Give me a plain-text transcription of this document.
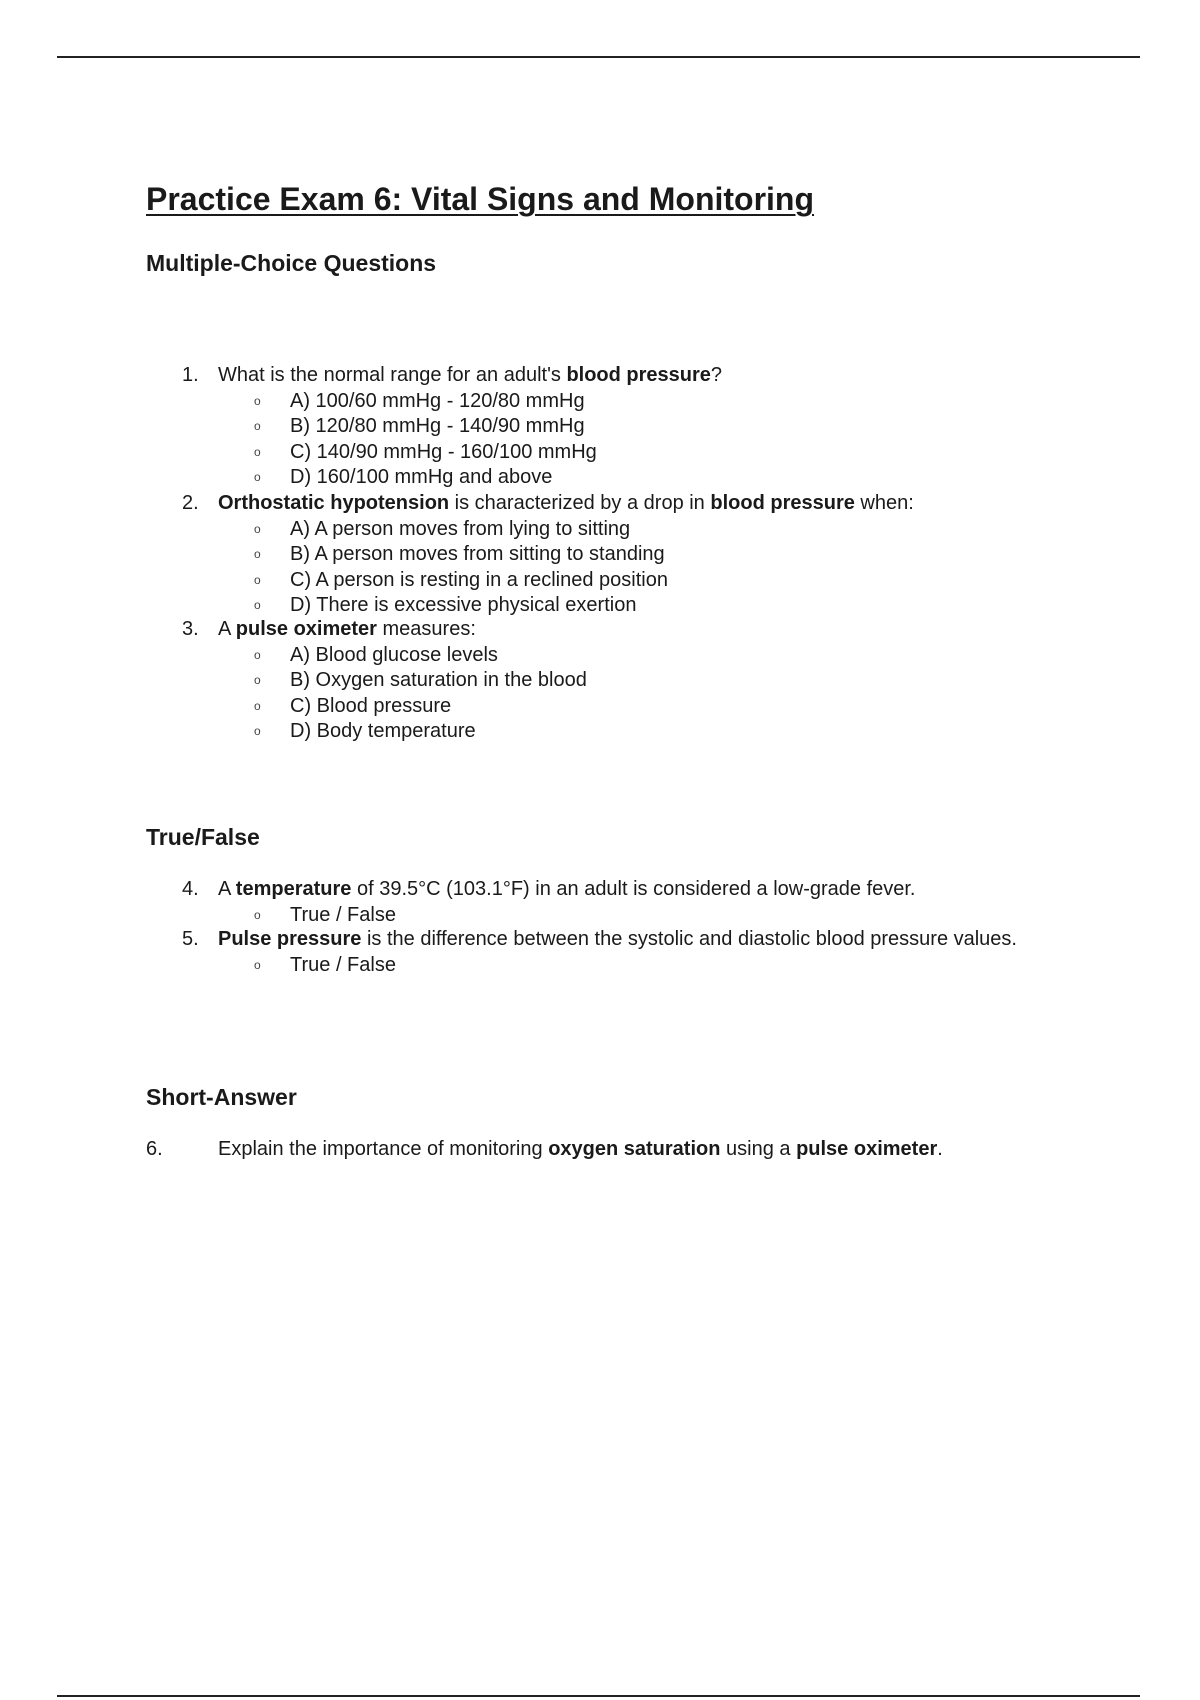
Practice Exam 6: Vital Signs and Monitoring
Multiple-Choice Questions
True/False
Short-Answer
1. What is the normal range for an adult's blood pressure?
o A) 100/60 mmHg - 120/80 mmHg
o B) 120/80 mmHg - 140/90 mmHg
o C) 140/90 mmHg - 160/100 mmHg
o D) 160/100 mmHg and above
2. Orthostatic hypotension is characterized by a drop in blood pressure when:
o A) A person moves from lying to sitting
o B) A person moves from sitting to standing
o C) A person is resting in a reclined position
o D) There is excessive physical exertion
3. A pulse oximeter measures:
o A) Blood glucose levels
o B) Oxygen saturation in the blood
o C) Blood pressure
o D) Body temperature
4. A temperature of 39.5°C (103.1°F) in an adult is considered a low-grade fever.
o True / False
5. Pulse pressure is the difference between the systolic and diastolic blood pressure values.
o True / False
6.	Explain the importance of monitoring oxygen saturation using a pulse oximeter.
